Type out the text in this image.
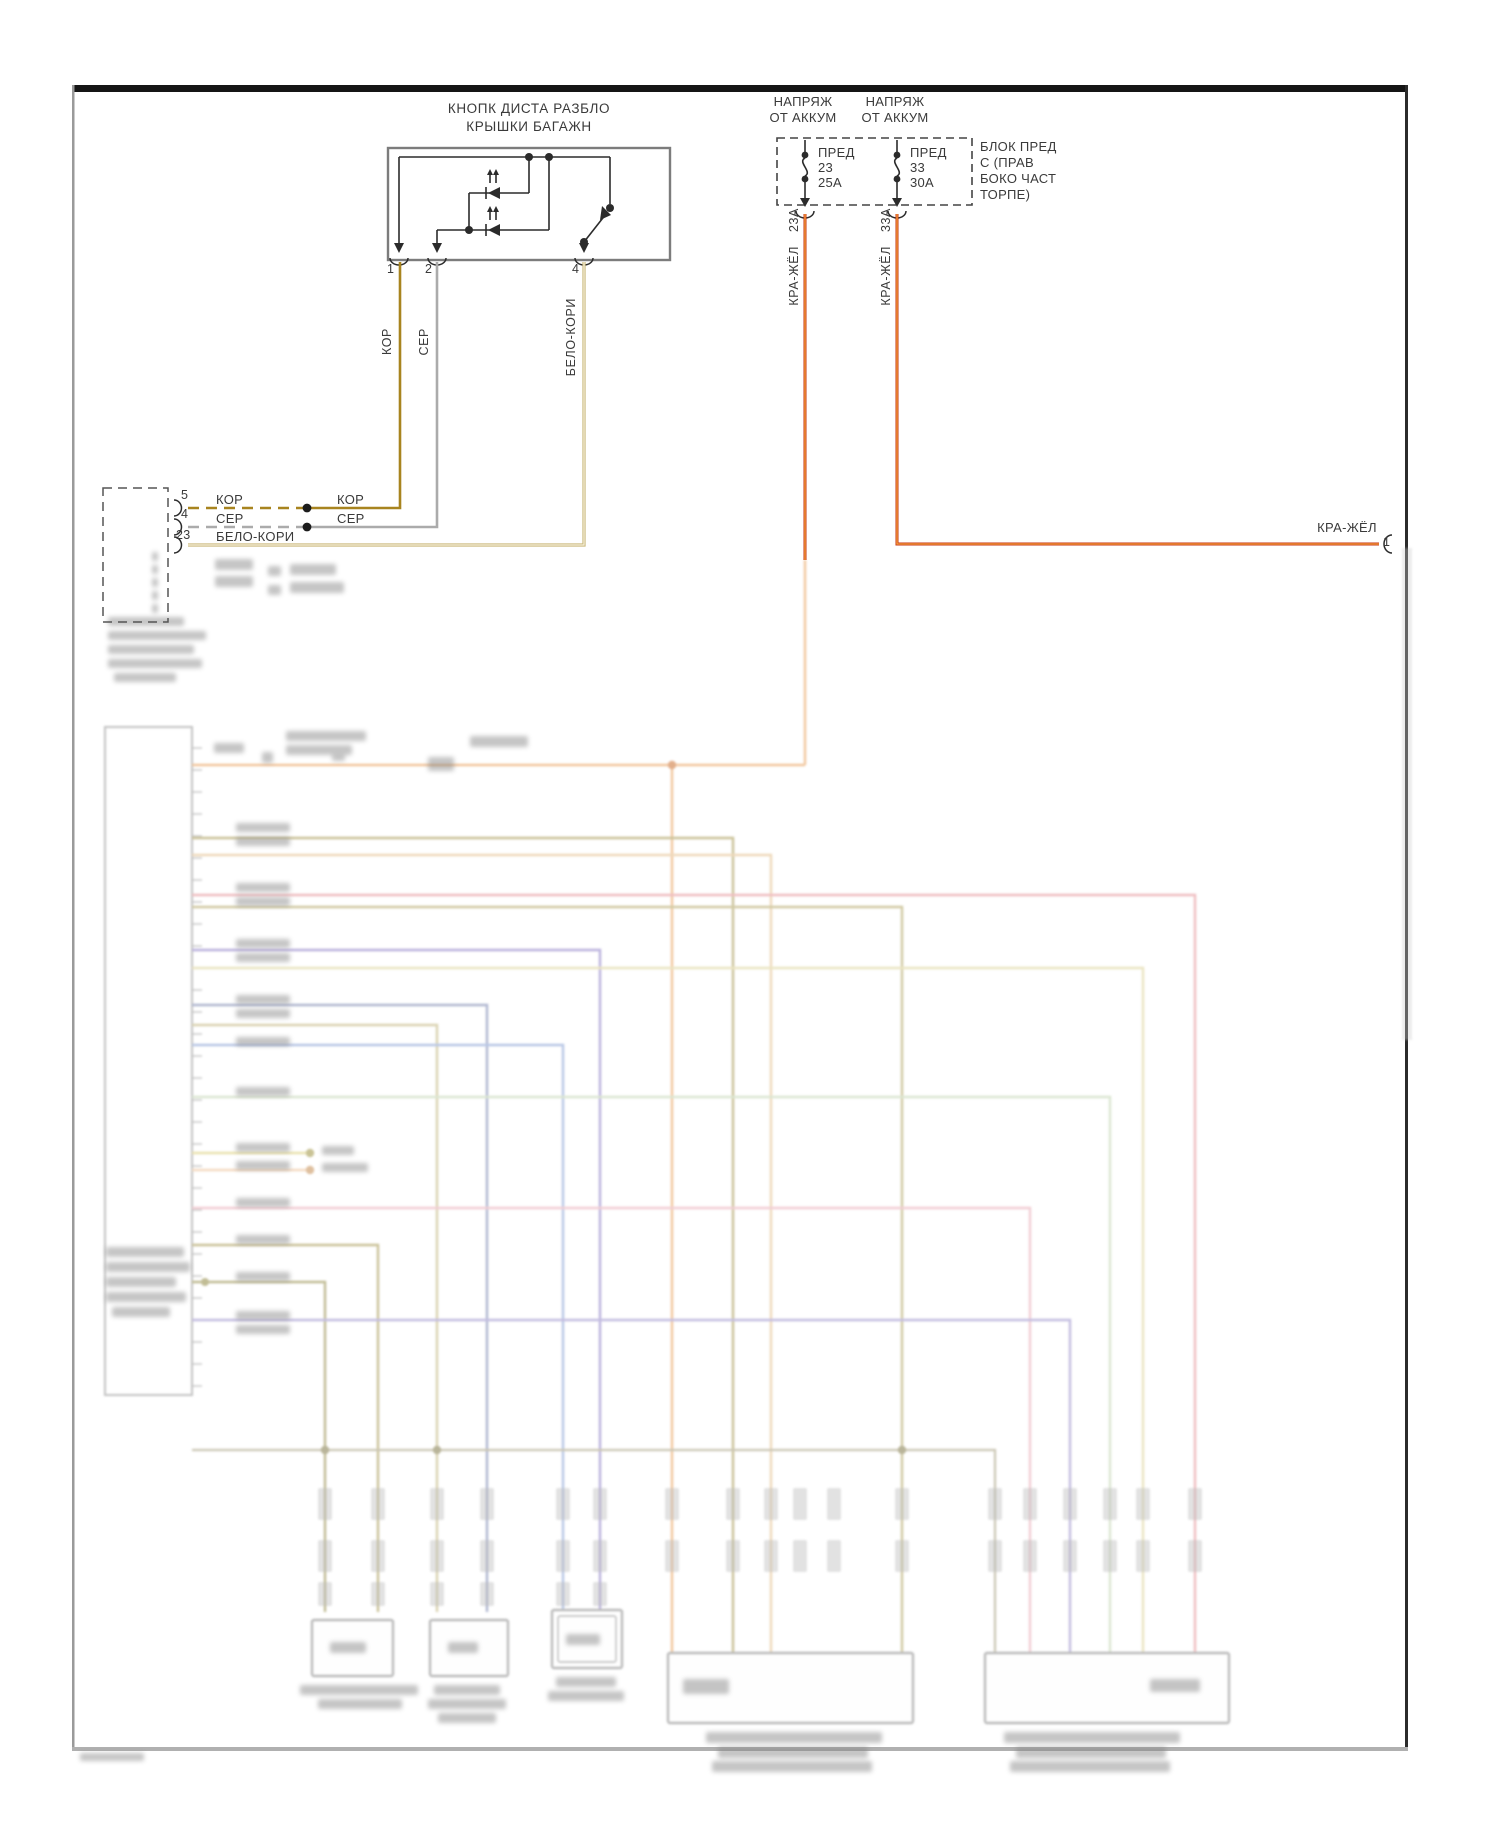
КНОПК ДИСТА РАЗБЛО
КРЫШКИ БАГАЖН
1 2	4
КОР СЕР	БЕЛО-КОРИ
5
4
23
КОР
СЕР
БЕЛО-КОРИ
КОР
СЕР
НАПРЯЖ
ОТ АККУМ
НАПРЯЖ
ОТ АККУМ
ПРЕД
23
25А
ПРЕД
33
30А
БЛОК ПРЕД
С (ПРАВ
БОКО ЧАСТ
ТОРПЕ)
23А	33А
КРА-ЖЁЛ	КРА-ЖЁЛ
КРА-ЖЁЛ
1
